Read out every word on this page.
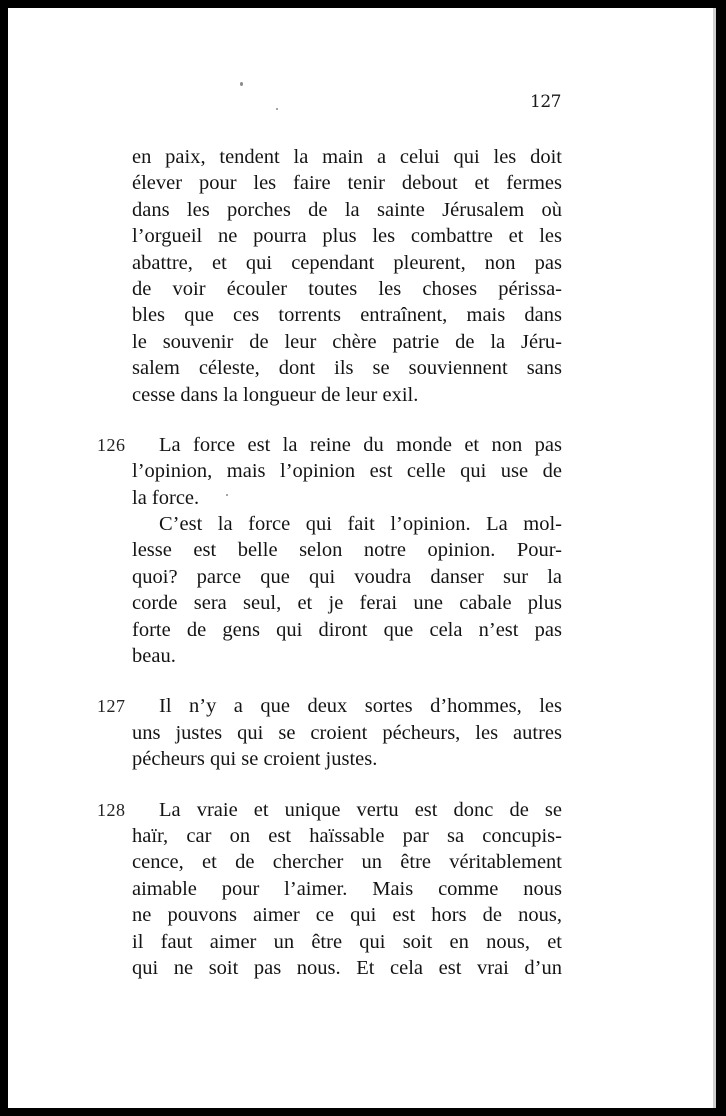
127
en paix, tendent la main a celui qui les doit
élever pour les faire tenir debout et fermes
dans les porches de la sainte Jérusalem où
l’orgueil ne pourra plus les combattre et les
abattre, et qui cependant pleurent, non pas
de voir écouler toutes les choses périssa-
bles que ces torrents entraînent, mais dans
le souvenir de leur chère patrie de la Jéru-
salem céleste, dont ils se souviennent sans
cesse dans la longueur de leur exil.
126	La force est la reine du monde et non pas
l’opinion, mais l’opinion est celle qui use de
la force.
C’est la force qui fait l’opinion. La mol-
lesse est belle selon notre opinion. Pour-
quoi? parce que qui voudra danser sur la
corde sera seul, et je ferai une cabale plus
forte de gens qui diront que cela n’est pas
beau.
127	Il n’y a que deux sortes d’hommes, les
uns justes qui se croient pécheurs, les autres
pécheurs qui se croient justes.
128	La vraie et unique vertu est donc de se
haïr, car on est haïssable par sa concupis-
cence, et de chercher un être véritablement
aimable pour l’aimer. Mais comme nous
ne pouvons aimer ce qui est hors de nous,
il faut aimer un être qui soit en nous, et
qui ne soit pas nous. Et cela est vrai d’un
